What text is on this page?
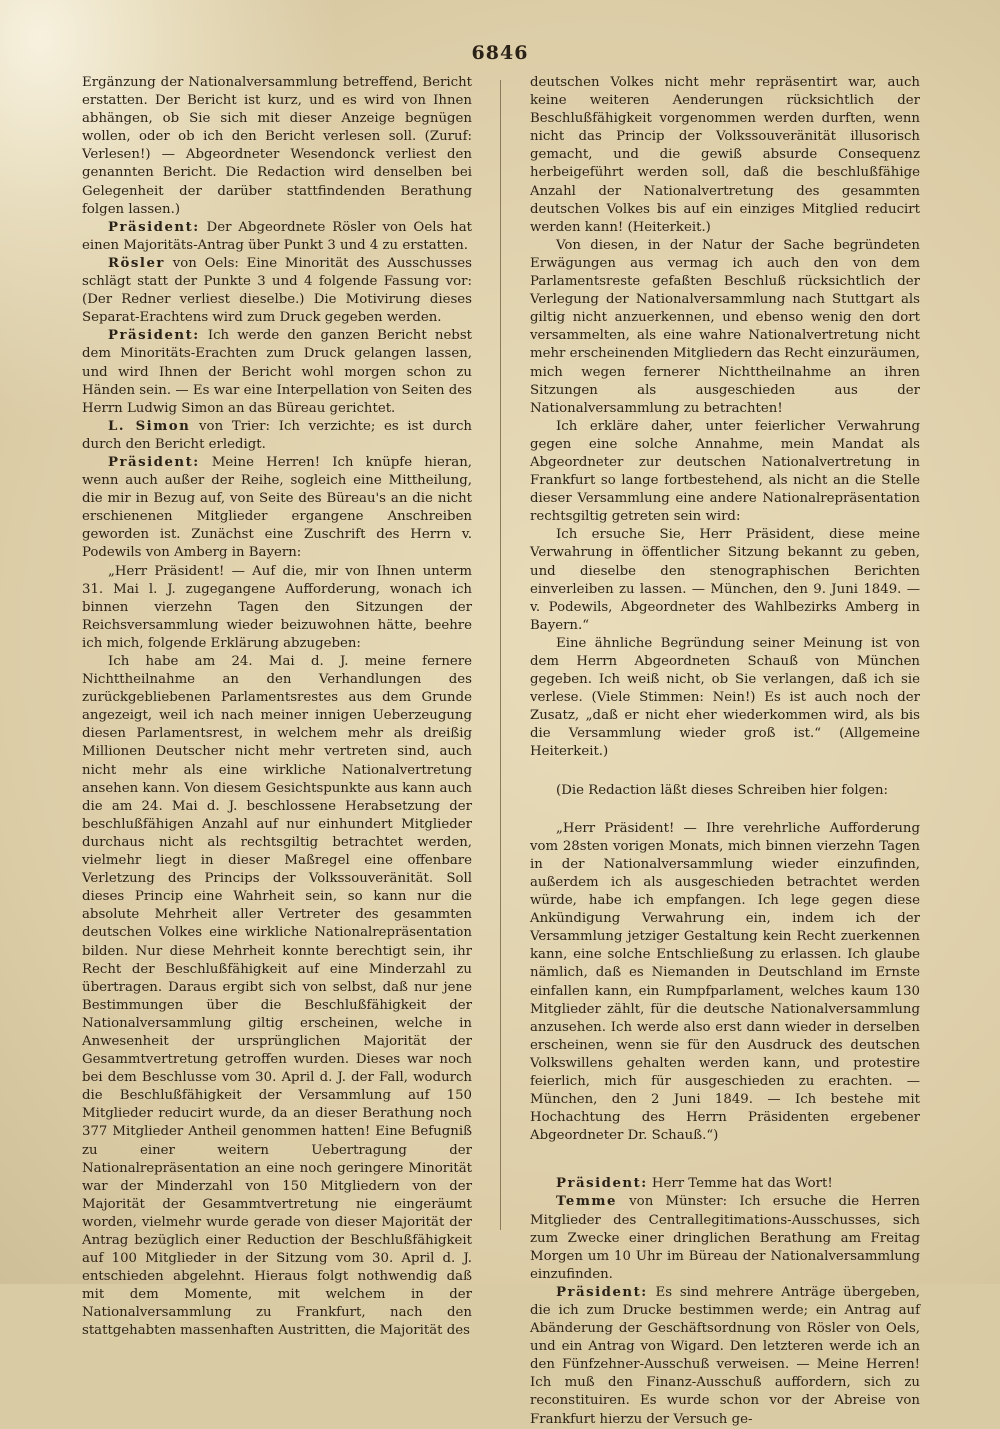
6846

Ergänzung der Nationalversammlung betreffend, Bericht erstatten. Der Bericht ist kurz, und es wird von Ihnen abhängen, ob Sie sich mit dieser Anzeige begnügen wollen, oder ob ich den Bericht verlesen soll. (Zuruf: Verlesen!) — Abgeordneter Wesendonck verliest den genannten Bericht. Die Redaction wird denselben bei Gelegenheit der darüber stattfindenden Berathung folgen lassen.)

Präsident: Der Abgeordnete Rösler von Oels hat einen Majoritäts-Antrag über Punkt 3 und 4 zu erstatten.

Rösler von Oels: Eine Minorität des Ausschusses schlägt statt der Punkte 3 und 4 folgende Fassung vor: (Der Redner verliest dieselbe.) Die Motivirung dieses Separat-Erachtens wird zum Druck gegeben werden.

Präsident: Ich werde den ganzen Bericht nebst dem Minoritäts-Erachten zum Druck gelangen lassen, und wird Ihnen der Bericht wohl morgen schon zu Händen sein. — Es war eine Interpellation von Seiten des Herrn Ludwig Simon an das Büreau gerichtet.

L. Simon von Trier: Ich verzichte; es ist durch durch den Bericht erledigt.

Präsident: Meine Herren! Ich knüpfe hieran, wenn auch außer der Reihe, sogleich eine Mittheilung, die mir in Bezug auf, von Seite des Büreau's an die nicht erschienenen Mitglieder ergangene Anschreiben geworden ist. Zunächst eine Zuschrift des Herrn v. Podewils von Amberg in Bayern:

„Herr Präsident! — Auf die, mir von Ihnen unterm 31. Mai l. J. zugegangene Aufforderung, wonach ich binnen vierzehn Tagen den Sitzungen der Reichsversammlung wieder beizuwohnen hätte, beehre ich mich, folgende Erklärung abzugeben:

Ich habe am 24. Mai d. J. meine fernere Nichttheilnahme an den Verhandlungen des zurückgebliebenen Parlamentsrestes aus dem Grunde angezeigt, weil ich nach meiner innigen Ueberzeugung diesen Parlamentsrest, in welchem mehr als dreißig Millionen Deutscher nicht mehr vertreten sind, auch nicht mehr als eine wirkliche Nationalvertretung ansehen kann. Von diesem Gesichtspunkte aus kann auch die am 24. Mai d. J. beschlossene Herabsetzung der beschlußfähigen Anzahl auf nur einhundert Mitglieder durchaus nicht als rechtsgiltig betrachtet werden, vielmehr liegt in dieser Maßregel eine offenbare Verletzung des Princips der Volkssouveränität. Soll dieses Princip eine Wahrheit sein, so kann nur die absolute Mehrheit aller Vertreter des gesammten deutschen Volkes eine wirkliche Nationalrepräsentation bilden. Nur diese Mehrheit konnte berechtigt sein, ihr Recht der Beschlußfähigkeit auf eine Minderzahl zu übertragen. Daraus ergibt sich von selbst, daß nur jene Bestimmungen über die Beschlußfähigkeit der Nationalversammlung giltig erscheinen, welche in Anwesenheit der ursprünglichen Majorität der Gesammtvertretung getroffen wurden. Dieses war noch bei dem Beschlusse vom 30. April d. J. der Fall, wodurch die Beschlußfähigkeit der Versammlung auf 150 Mitglieder reducirt wurde, da an dieser Berathung noch 377 Mitglieder Antheil genommen hatten! Eine Befugniß zu einer weitern Uebertragung der Nationalrepräsentation an eine noch geringere Minorität war der Minderzahl von 150 Mitgliedern von der Majorität der Gesammtvertretung nie eingeräumt worden, vielmehr wurde gerade von dieser Majorität der Antrag bezüglich einer Reduction der Beschlußfähigkeit auf 100 Mitglieder in der Sitzung vom 30. April d. J. entschieden abgelehnt. Hieraus folgt nothwendig daß mit dem Momente, mit welchem in der Nationalversammlung zu Frankfurt, nach den stattgehabten massenhaften Austritten, die Majorität des

deutschen Volkes nicht mehr repräsentirt war, auch keine weiteren Aenderungen rücksichtlich der Beschlußfähigkeit vorgenommen werden durften, wenn nicht das Princip der Volkssouveränität illusorisch gemacht, und die gewiß absurde Consequenz herbeigeführt werden soll, daß die beschlußfähige Anzahl der Nationalvertretung des gesammten deutschen Volkes bis auf ein einziges Mitglied reducirt werden kann! (Heiterkeit.)

Von diesen, in der Natur der Sache begründeten Erwägungen aus vermag ich auch den von dem Parlamentsreste gefaßten Beschluß rücksichtlich der Verlegung der Nationalversammlung nach Stuttgart als giltig nicht anzuerkennen, und ebenso wenig den dort versammelten, als eine wahre Nationalvertretung nicht mehr erscheinenden Mitgliedern das Recht einzuräumen, mich wegen fernerer Nichttheilnahme an ihren Sitzungen als ausgeschieden aus der Nationalversammlung zu betrachten!

Ich erkläre daher, unter feierlicher Verwahrung gegen eine solche Annahme, mein Mandat als Abgeordneter zur deutschen Nationalvertretung in Frankfurt so lange fortbestehend, als nicht an die Stelle dieser Versammlung eine andere Nationalrepräsentation rechtsgiltig getreten sein wird:

Ich ersuche Sie, Herr Präsident, diese meine Verwahrung in öffentlicher Sitzung bekannt zu geben, und dieselbe den stenographischen Berichten einverleiben zu lassen. — München, den 9. Juni 1849. — v. Podewils, Abgeordneter des Wahlbezirks Amberg in Bayern.“

Eine ähnliche Begründung seiner Meinung ist von dem Herrn Abgeordneten Schauß von München gegeben. Ich weiß nicht, ob Sie verlangen, daß ich sie verlese. (Viele Stimmen: Nein!) Es ist auch noch der Zusatz, „daß er nicht eher wiederkommen wird, als bis die Versammlung wieder groß ist.“ (Allgemeine Heiterkeit.)

(Die Redaction läßt dieses Schreiben hier folgen:

„Herr Präsident! — Ihre verehrliche Aufforderung vom 28sten vorigen Monats, mich binnen vierzehn Tagen in der Nationalversammlung wieder einzufinden, außerdem ich als ausgeschieden betrachtet werden würde, habe ich empfangen. Ich lege gegen diese Ankündigung Verwahrung ein, indem ich der Versammlung jetziger Gestaltung kein Recht zuerkennen kann, eine solche Entschließung zu erlassen. Ich glaube nämlich, daß es Niemanden in Deutschland im Ernste einfallen kann, ein Rumpfparlament, welches kaum 130 Mitglieder zählt, für die deutsche Nationalversammlung anzusehen. Ich werde also erst dann wieder in derselben erscheinen, wenn sie für den Ausdruck des deutschen Volkswillens gehalten werden kann, und protestire feierlich, mich für ausgeschieden zu erachten. — München, den 2 Juni 1849. — Ich bestehe mit Hochachtung des Herrn Präsidenten ergebener Abgeordneter Dr. Schauß.“)

Präsident: Herr Temme hat das Wort!

Temme von Münster: Ich ersuche die Herren Mitglieder des Centrallegitimations-Ausschusses, sich zum Zwecke einer dringlichen Berathung am Freitag Morgen um 10 Uhr im Büreau der Nationalversammlung einzufinden.

Präsident: Es sind mehrere Anträge übergeben, die ich zum Drucke bestimmen werde; ein Antrag auf Abänderung der Geschäftsordnung von Rösler von Oels, und ein Antrag von Wigard. Den letzteren werde ich an den Fünfzehner-Ausschuß verweisen. — Meine Herren! Ich muß den Finanz-Ausschuß auffordern, sich zu reconstituiren. Es wurde schon vor der Abreise von Frankfurt hierzu der Versuch ge-
